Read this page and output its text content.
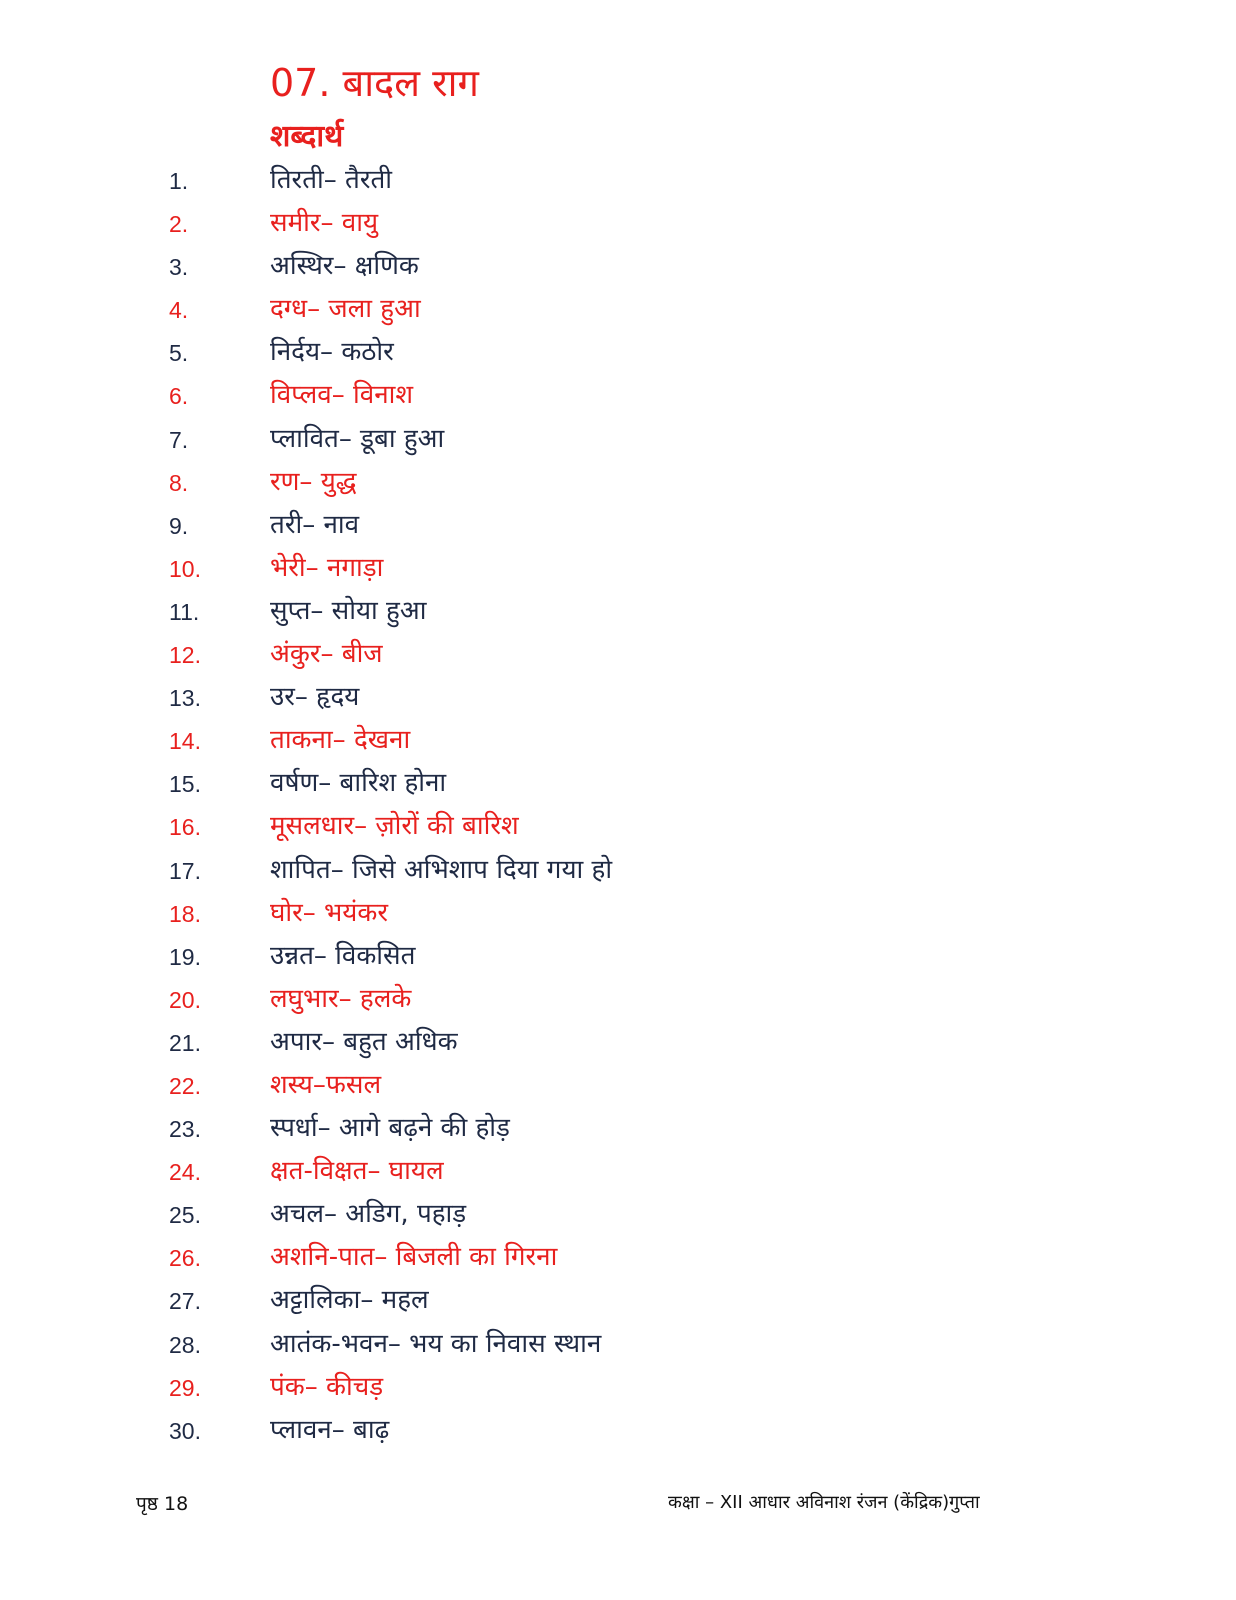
07. बादल राग
शब्दार्थ
1.	तिरती– तैरती
2.	समीर– वायु
3.	अस्थिर– क्षणिक
4.	दग्ध– जला हुआ
5.	निर्दय– कठोर
6.	विप्लव– विनाश
7.	प्लावित– डूबा हुआ
8.	रण– युद्ध
9.	तरी– नाव
10.	भेरी– नगाड़ा
11.	सुप्त– सोया हुआ
12.	अंकुर– बीज
13.	उर– हृदय
14.	ताकना– देखना
15.	वर्षण– बारिश होना
16.	मूसलधार– ज़ोरों की बारिश
17.	शापित– जिसे अभिशाप दिया गया हो
18.	घोर– भयंकर
19.	उन्नत– विकसित
20.	लघुभार– हलके
21.	अपार– बहुत अधिक
22.	शस्य–फसल
23.	स्पर्धा– आगे बढ़ने की होड़
24.	क्षत-विक्षत– घायल
25.	अचल– अडिग, पहाड़
26.	अशनि-पात– बिजली का गिरना
27.	अट्टालिका– महल
28.	आतंक-भवन– भय का निवास स्थान
29.	पंक– कीचड़
30.	प्लावन– बाढ़
पृष्ठ 18	कक्षा – XII आधार अविनाश रंजन (केंद्रिक)गुप्ता
